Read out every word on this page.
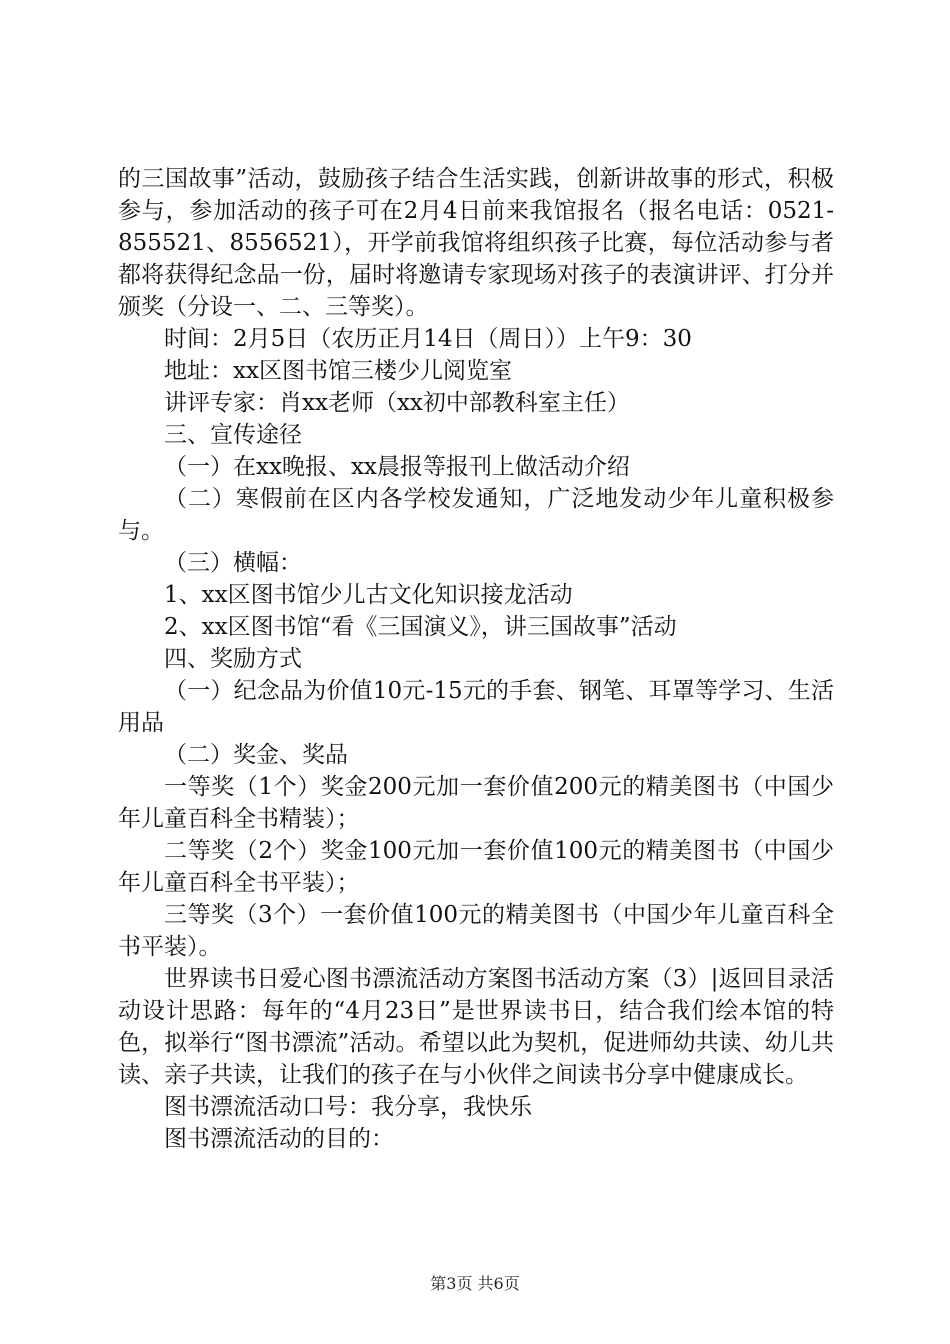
的三国故事”活动，鼓励孩子结合生活实践，创新讲故事的形式，积极参与，参加活动的孩子可在2月4日前来我馆报名（报名电话：0521-855521、8556521），开学前我馆将组织孩子比赛，每位活动参与者都将获得纪念品一份，届时将邀请专家现场对孩子的表演讲评、打分并颁奖（分设一、二、三等奖）。

时间：2月5日（农历正月14日（周日））上午9：30

地址：xx区图书馆三楼少儿阅览室

讲评专家：肖xx老师（xx初中部教科室主任）

三、宣传途径

（一）在xx晚报、xx晨报等报刊上做活动介绍

（二）寒假前在区内各学校发通知，广泛地发动少年儿童积极参与。

（三）横幅：

1、xx区图书馆少儿古文化知识接龙活动

2、xx区图书馆“看《三国演义》，讲三国故事”活动

四、奖励方式

（一）纪念品为价值10元-15元的手套、钢笔、耳罩等学习、生活用品

（二）奖金、奖品

一等奖（1个）奖金200元加一套价值200元的精美图书（中国少年儿童百科全书精装）；

二等奖（2个）奖金100元加一套价值100元的精美图书（中国少年儿童百科全书平装）；

三等奖（3个）一套价值100元的精美图书（中国少年儿童百科全书平装）。

世界读书日爱心图书漂流活动方案图书活动方案（3）|返回目录活动设计思路：每年的“4月23日”是世界读书日，结合我们绘本馆的特色，拟举行“图书漂流”活动。希望以此为契机，促进师幼共读、幼儿共读、亲子共读，让我们的孩子在与小伙伴之间读书分享中健康成长。

图书漂流活动口号：我分享，我快乐

图书漂流活动的目的：

第3页 共6页
